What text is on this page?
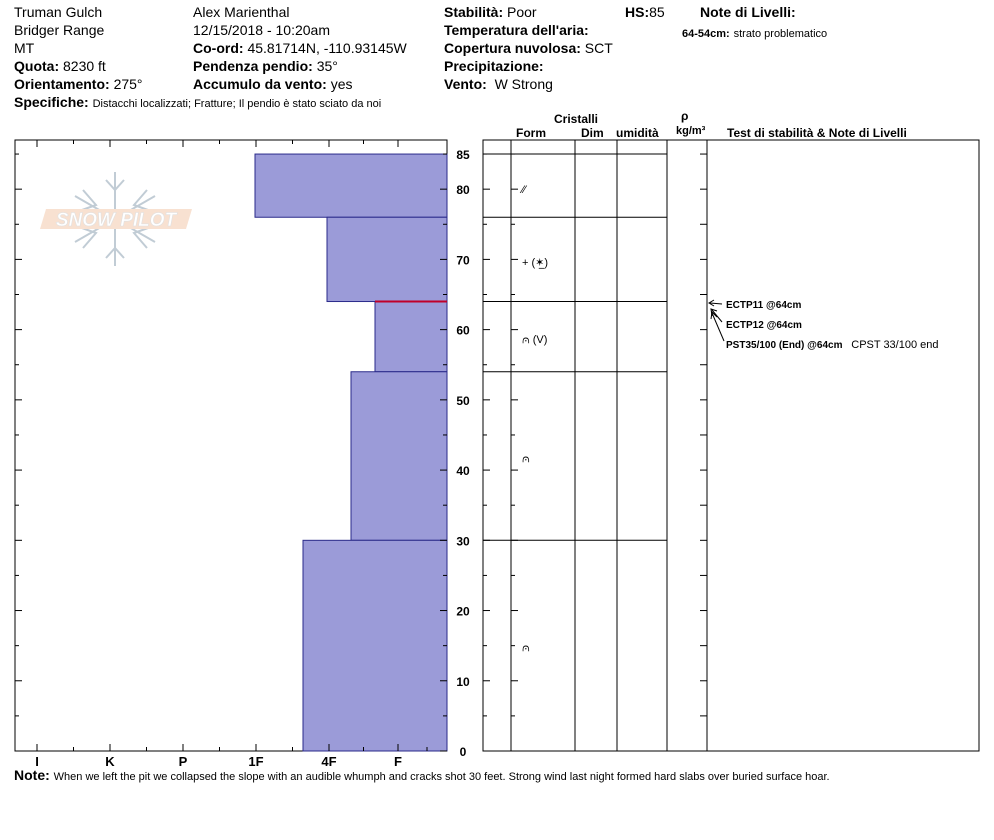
Truman Gulch
Bridger Range
MT
Quota: 8230 ft
Orientamento: 275°
Specifiche: Distacchi localizzati; Fratture; Il pendio è stato sciato da noi
Alex Marienthal
12/15/2018 - 10:20am
Co-ord: 45.81714N, -110.93145W
Pendenza pendio: 35°
Accumulo da vento: yes
Stabilità: Poor	HS:85
Temperatura dell'aria:
Copertura nuvolosa: SCT
Precipitazione:
Vento: W Strong
Note di Livelli:
64-54cm: strato problematico
Cristalli
Form	Dim umidità
ρ
kg/m³ Test di stabilità & Note di Livelli
SNOW PILOT
I	K	P	1F	4F	F
0
10
20
30
40
50
60
70
80
85
⁄⁄
+ (✶̲)
⩀ (V)
⩀
⩀
ECTP11 @64cm
ECTP12 @64cm
PST35/100 (End) @64cm CPST 33/100 end
Note: When we left the pit we collapsed the slope with an audible whumph and cracks shot 30 feet. Strong wind last night formed hard slabs over buried surface hoar.
